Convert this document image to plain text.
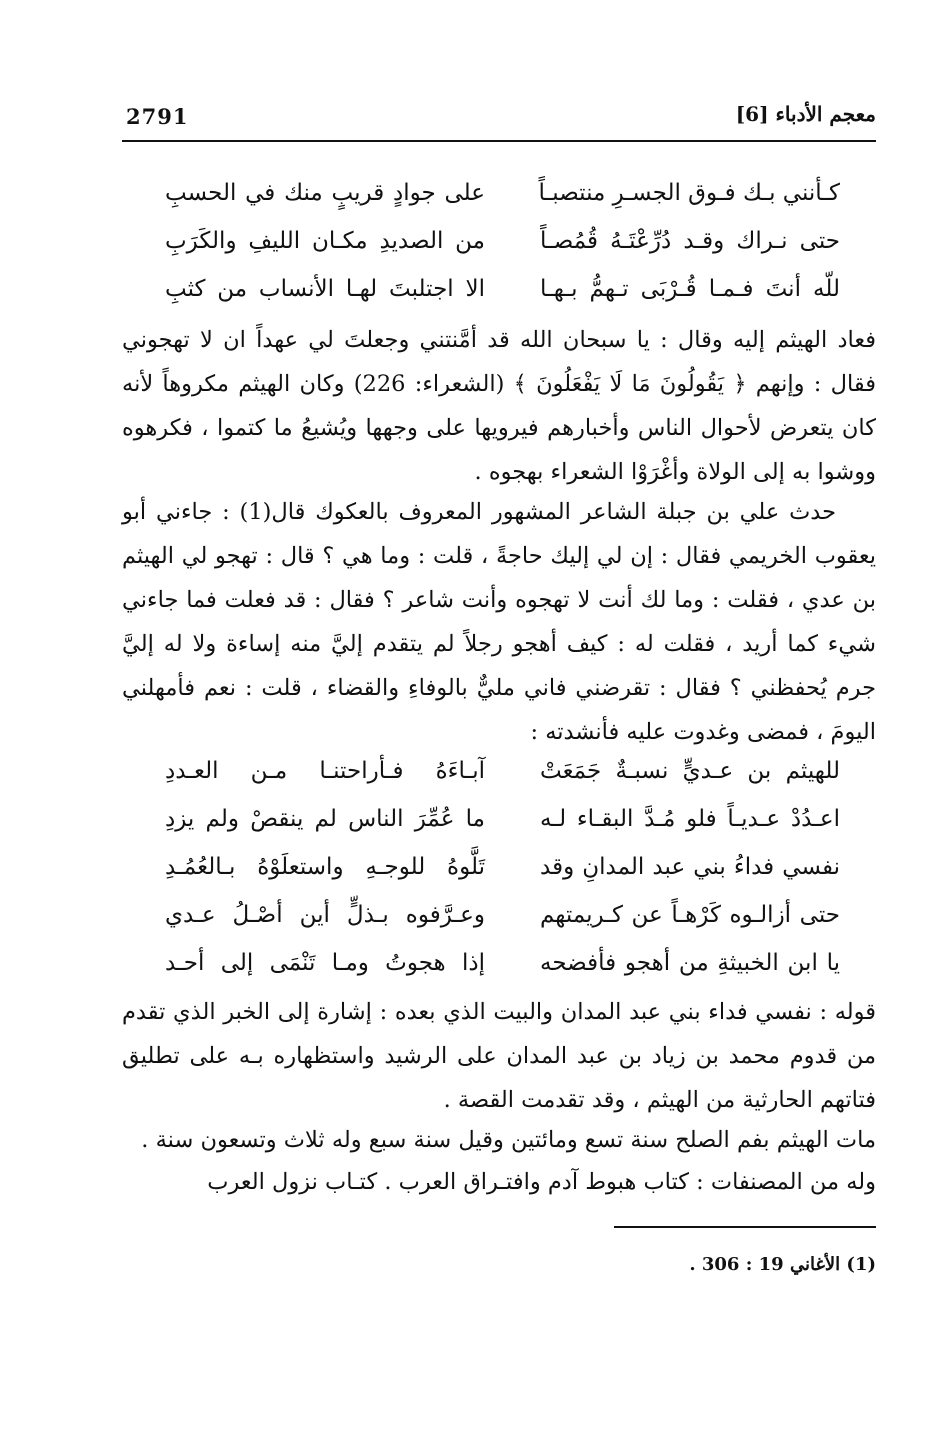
2791	معجم الأدباء [6]
كـأنني بـك فـوق الجسـرِ منتصبـاً
على جوادٍ قريبٍ منك في الحسبِ
حتى نـراك وقـد دُرِّعْتَـهُ قُمُصـاً
من الصديدِ مكـان الليفِ والكَرَبِ
للّه أنتَ فـمـا قُـرْبَى تـهمُّ بـهـا
الا اجتلبتَ لهـا الأنساب من كثبِ
فعاد الهيثم إليه وقال : يا سبحان الله قد أمَّنتني وجعلتَ لي عهداً ان لا تهجوني فقال : وإنهم ﴿ يَقُولُونَ مَا لَا يَفْعَلُونَ ﴾ (الشعراء: 226) وكان الهيثم مكروهاً لأنه كان يتعرض لأحوال الناس وأخبارهم فيرويها على وجهها ويُشيعُ ما كتموا ، فكرهوه ووشوا به إلى الولاة وأغْرَوْا الشعراء بهجوه .
حدث علي بن جبلة الشاعر المشهور المعروف بالعكوك قال(1) : جاءني أبو يعقوب الخريمي فقال : إن لي إليك حاجةً ، قلت : وما هي ؟ قال : تهجو لي الهيثم بن عدي ، فقلت : وما لك أنت لا تهجوه وأنت شاعر ؟ فقال : قد فعلت فما جاءني شيء كما أريد ، فقلت له : كيف أهجو رجلاً لم يتقدم إليَّ منه إساءة ولا له إليَّ جرم يُحفظني ؟ فقال : تقرضني فاني مليٌّ بالوفاءِ والقضاء ، قلت : نعم فأمهلني اليومَ ، فمضى وغدوت عليه فأنشدته :
للهيثم بن عـديٍّ نسبـةٌ جَمَعَتْ
آبـاءَهُ فـأراحتنـا مـن العـددِ
اعـدُدْ عـديـاً فلو مُـدَّ البقـاء لـه
ما عُمِّرَ الناس لم ينقصْ ولم يزدِ
نفسي فداءُ بني عبد المدانِ وقد
تَلَّوهُ للوجـهِ واستعلَوْهُ بـالعُمُـدِ
حتى أزالـوه كَرْهـاً عن كـريمتهم
وعـرَّفوه بـذلٍّ أين أصْـلُ عـدي
يا ابن الخبيثةِ من أهجو فأفضحه
إذا هجوتُ ومـا تَنْمَى إلى أحـد
قوله : نفسي فداء بني عبد المدان والبيت الذي بعده : إشارة إلى الخبر الذي تقدم من قدوم محمد بن زياد بن عبد المدان على الرشيد واستظهاره بـه على تطليق فتاتهم الحارثية من الهيثم ، وقد تقدمت القصة .
مات الهيثم بفم الصلح سنة تسع ومائتين وقيل سنة سبع وله ثلاث وتسعون سنة .
وله من المصنفات : كتاب هبوط آدم وافتـراق العرب . كتـاب نزول العرب
(1) الأغاني 19 : 306 .
